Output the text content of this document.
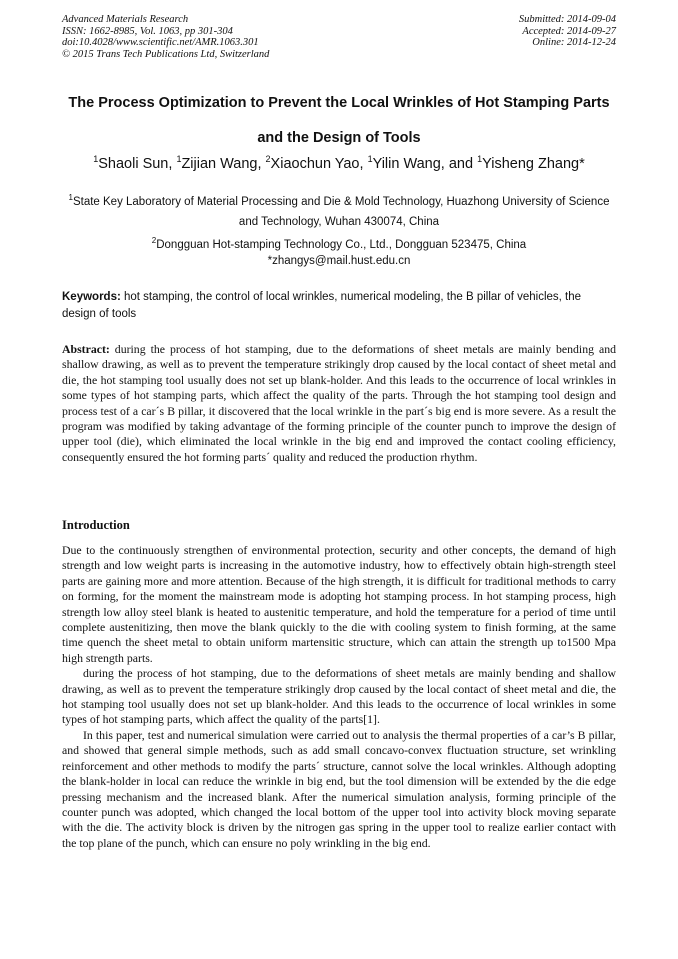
Advanced Materials Research
ISSN: 1662-8985, Vol. 1063, pp 301-304
doi:10.4028/www.scientific.net/AMR.1063.301
© 2015 Trans Tech Publications Ltd, Switzerland
Submitted: 2014-09-04
Accepted: 2014-09-27
Online: 2014-12-24
The Process Optimization to Prevent the Local Wrinkles of Hot Stamping Parts and the Design of Tools
$^1$Shaoli Sun, $^1$Zijian Wang, $^2$Xiaochun Yao, $^1$Yilin Wang, and $^1$Yisheng Zhang*
$^1$State Key Laboratory of Material Processing and Die & Mold Technology, Huazhong University of Science and Technology, Wuhan 430074, China
$^2$Dongguan Hot-stamping Technology Co., Ltd., Dongguan 523475, China
*zhangys@mail.hust.edu.cn
Keywords: hot stamping, the control of local wrinkles, numerical modeling, the B pillar of vehicles, the design of tools
Abstract: during the process of hot stamping, due to the deformations of sheet metals are mainly bending and shallow drawing, as well as to prevent the temperature strikingly drop caused by the local contact of sheet metal and die, the hot stamping tool usually does not set up blank-holder. And this leads to the occurrence of local wrinkles in some types of hot stamping parts, which affect the quality of the parts. Through the hot stamping tool design and process test of a car´s B pillar, it discovered that the local wrinkle in the part´s big end is more severe. As a result the program was modified by taking advantage of the forming principle of the counter punch to improve the design of upper tool (die), which eliminated the local wrinkle in the big end and improved the contact cooling efficiency, consequently ensured the hot forming parts´ quality and reduced the production rhythm.
Introduction

Due to the continuously strengthen of environmental protection, security and other concepts, the demand of high strength and low weight parts is increasing in the automotive industry, how to effectively obtain high-strength steel parts are gaining more and more attention. Because of the high strength, it is difficult for traditional methods to carry on forming, for the moment the mainstream mode is adopting hot stamping process. In hot stamping process, high strength low alloy steel blank is heated to austenitic temperature, and hold the temperature for a period of time until complete austenitizing, then move the blank quickly to the die with cooling system to finish forming, at the same time quench the sheet metal to obtain uniform martensitic structure, which can attain the strength up to1500 Mpa high strength parts.

during the process of hot stamping, due to the deformations of sheet metals are mainly bending and shallow drawing, as well as to prevent the temperature strikingly drop caused by the local contact of sheet metal and die, the hot stamping tool usually does not set up blank-holder. And this leads to the occurrence of local wrinkles in some types of hot stamping parts, which affect the quality of the parts[1].

In this paper, test and numerical simulation were carried out to analysis the thermal properties of a car’s B pillar, and showed that general simple methods, such as add small concavo-convex fluctuation structure, set wrinkling reinforcement and other methods to modify the parts´ structure, cannot solve the local wrinkles. Although adopting the blank-holder in local can reduce the wrinkle in big end, but the tool dimension will be extended by the die edge pressing mechanism and the increased blank. After the numerical simulation analysis, forming principle of the counter punch was adopted, which changed the local bottom of the upper tool into activity block moving separate with the die. The activity block is driven by the nitrogen gas spring in the upper tool to realize earlier contact with the top plane of the punch, which can ensure no poly wrinkling in the big end.
